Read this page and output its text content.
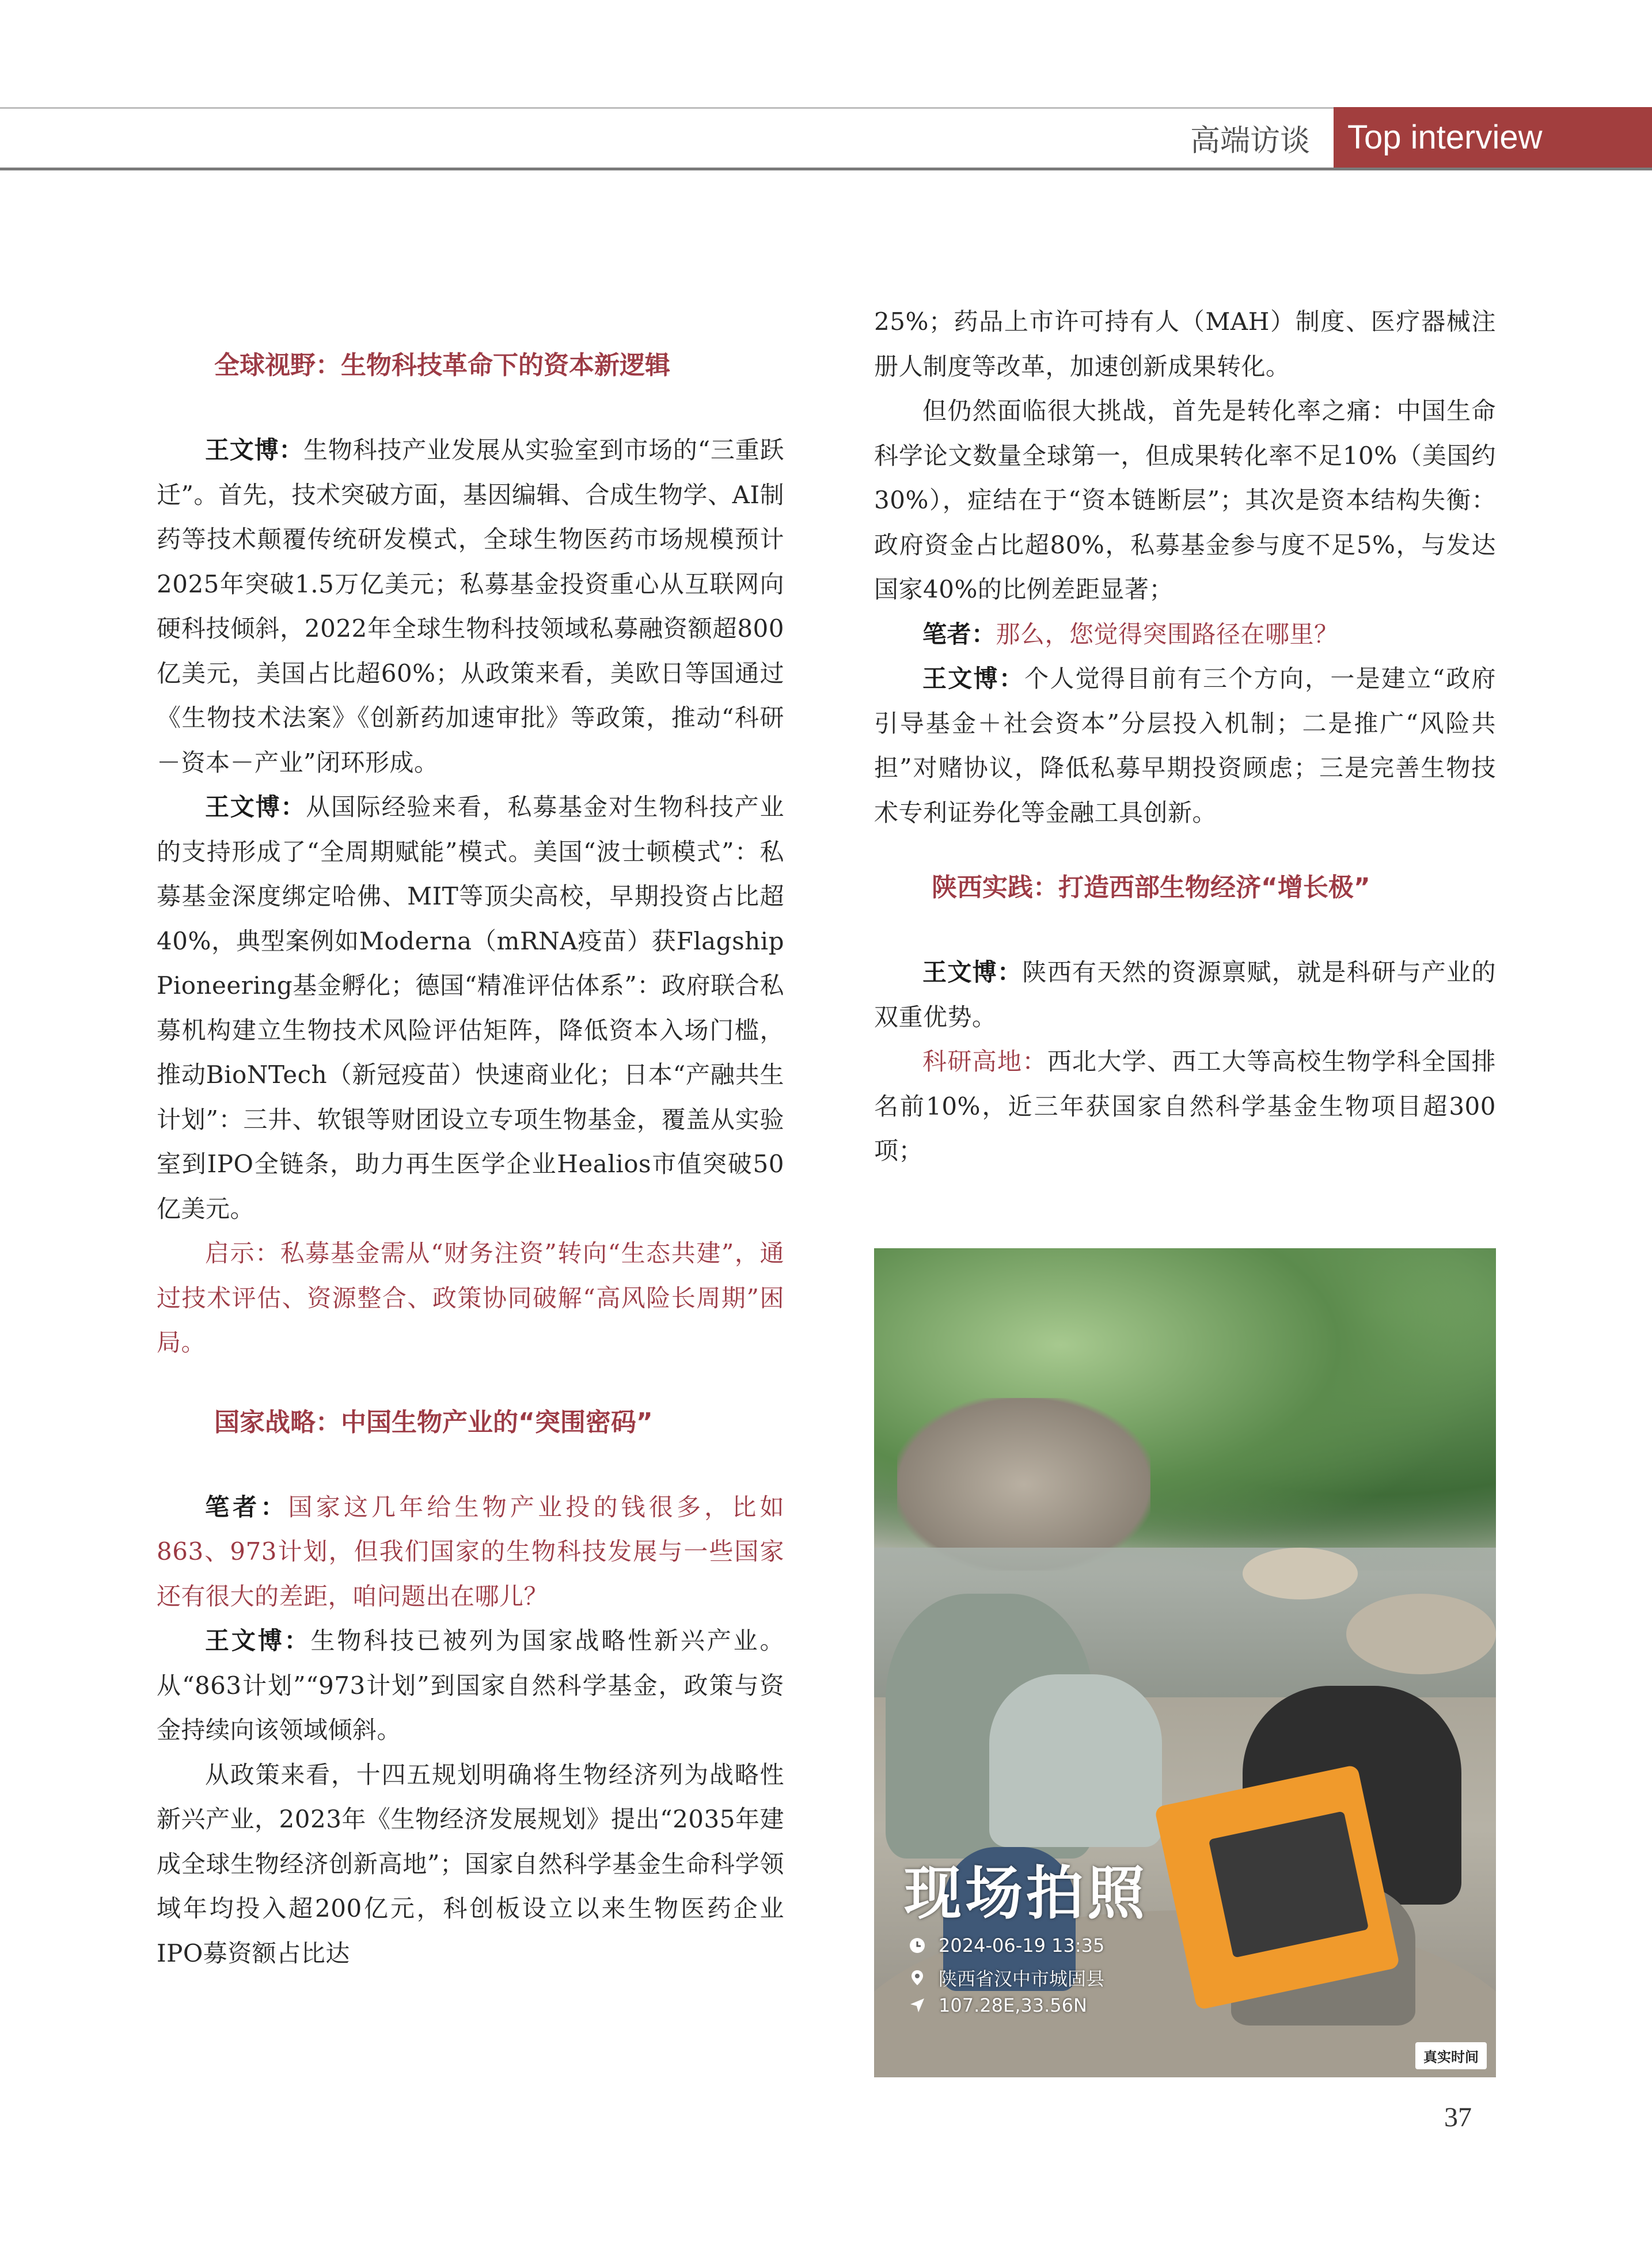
高端访谈	Top interview
全球视野：生物科技革命下的资本新逻辑

王文博：生物科技产业发展从实验室到市场的“三重跃迁”。首先，技术突破方面，基因编辑、合成生物学、AI制药等技术颠覆传统研发模式，全球生物医药市场规模预计2025年突破1.5万亿美元；私募基金投资重心从互联网向硬科技倾斜，2022年全球生物科技领域私募融资额超800亿美元，美国占比超60%；从政策来看，美欧日等国通过《生物技术法案》《创新药加速审批》等政策，推动“科研－资本－产业”闭环形成。

王文博：从国际经验来看，私募基金对生物科技产业的支持形成了“全周期赋能”模式。美国“波士顿模式”：私募基金深度绑定哈佛、MIT等顶尖高校，早期投资占比超40%，典型案例如Moderna（mRNA疫苗）获Flagship Pioneering基金孵化；德国“精准评估体系”：政府联合私募机构建立生物技术风险评估矩阵，降低资本入场门槛，推动BioNTech（新冠疫苗）快速商业化；日本“产融共生计划”：三井、软银等财团设立专项生物基金，覆盖从实验室到IPO全链条，助力再生医学企业Healios市值突破50亿美元。

启示：私募基金需从“财务注资”转向“生态共建”，通过技术评估、资源整合、政策协同破解“高风险长周期”困局。

国家战略：中国生物产业的“突围密码”

笔者：国家这几年给生物产业投的钱很多，比如863、973计划，但我们国家的生物科技发展与一些国家还有很大的差距，咱问题出在哪儿？

王文博：生物科技已被列为国家战略性新兴产业。从“863计划”“973计划”到国家自然科学基金，政策与资金持续向该领域倾斜。

从政策来看，十四五规划明确将生物经济列为战略性新兴产业，2023年《生物经济发展规划》提出“2035年建成全球生物经济创新高地”；国家自然科学基金生命科学领域年均投入超200亿元，科创板设立以来生物医药企业IPO募资额占比达

25%；药品上市许可持有人（MAH）制度、医疗器械注册人制度等改革，加速创新成果转化。

但仍然面临很大挑战，首先是转化率之痛：中国生命科学论文数量全球第一，但成果转化率不足10%（美国约30%），症结在于“资本链断层”；其次是资本结构失衡：政府资金占比超80%，私募基金参与度不足5%，与发达国家40%的比例差距显著；

笔者：那么，您觉得突围路径在哪里？

王文博：个人觉得目前有三个方向，一是建立“政府引导基金＋社会资本”分层投入机制；二是推广“风险共担”对赌协议，降低私募早期投资顾虑；三是完善生物技术专利证券化等金融工具创新。

陕西实践：打造西部生物经济“增长极”

王文博：陕西有天然的资源禀赋，就是科研与产业的双重优势。

科研高地：西北大学、西工大等高校生物学科全国排名前10%，近三年获国家自然科学基金生物项目超300项；

现场拍照
2024-06-19 13:35
陕西省汉中市城固县
107.28E,33.56N
真实时间
37
